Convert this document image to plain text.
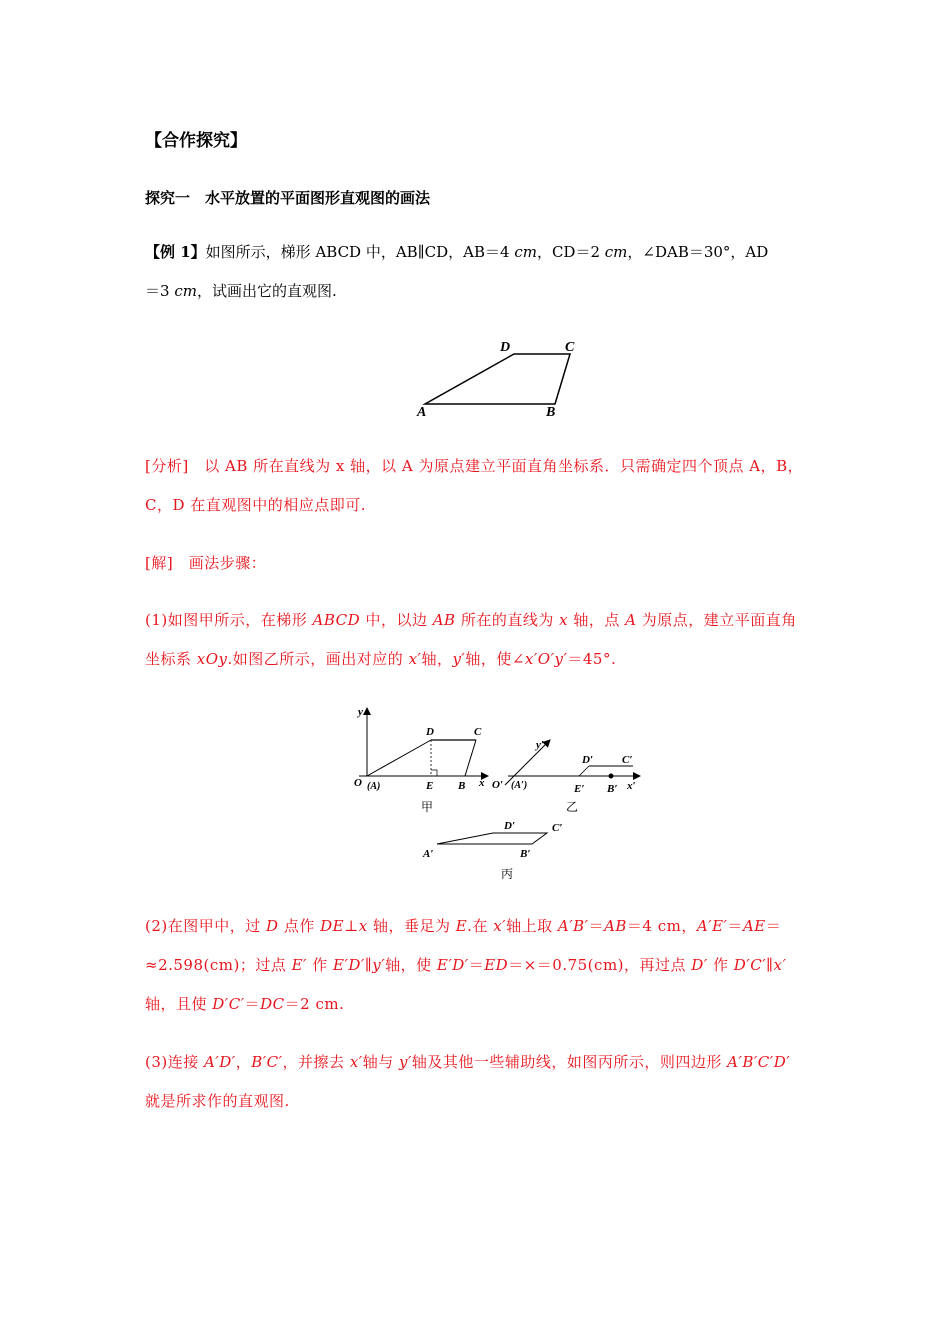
【合作探究】
探究一　水平放置的平面图形直观图的画法
【例 1】如图所示，梯形 ABCD 中，AB∥CD，AB＝4 cm，CD＝2 cm，∠DAB＝30°，AD
＝3 cm，试画出它的直观图.
A	B
C
D
[分析]　以 AB 所在直线为 x 轴，以 A 为原点建立平面直角坐标系．只需确定四个顶点 A，B，C，D 在直观图中的相应点即可.
[解]　画法步骤：
(1)如图甲所示，在梯形 ABCD 中，以边 AB 所在的直线为 x 轴，点 A 为原点，建立平面直角坐标系 xOy.如图乙所示，画出对应的 x′轴，y′轴，使∠x′O′y′＝45°.
y
x
O (A)
D	C
E B
甲
y′
O′ (A′)
D′	C′
E′ B′ x′
乙
A′	B′
C′
D′
丙
(2)在图甲中，过 D 点作 DE⊥x 轴，垂足为 E.在 x′轴上取 A′B′＝AB＝4 cm，A′E′＝AE＝≈2.598(cm)；过点 E′ 作 E′D′∥y′轴，使 E′D′＝ED＝×＝0.75(cm)，再过点 D′ 作 D′C′∥x′轴，且使 D′C′＝DC＝2 cm.
(3)连接 A′D′，B′C′，并擦去 x′轴与 y′轴及其他一些辅助线，如图丙所示，则四边形 A′B′C′D′ 就是所求作的直观图.
